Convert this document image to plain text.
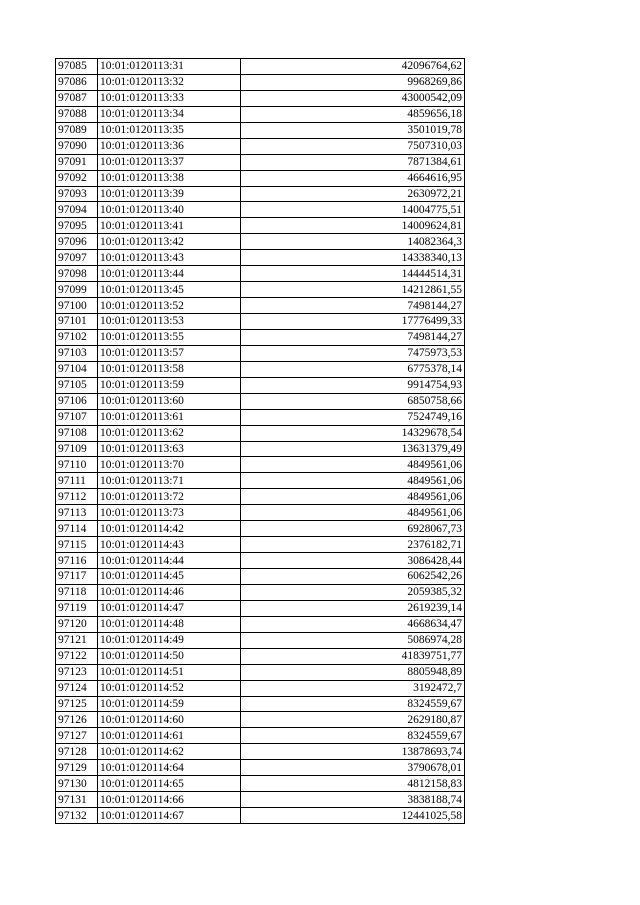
97085	10:01:0120113:31	42096764,62
97086	10:01:0120113:32	9968269,86
97087	10:01:0120113:33	43000542,09
97088	10:01:0120113:34	4859656,18
97089	10:01:0120113:35	3501019,78
97090	10:01:0120113:36	7507310,03
97091	10:01:0120113:37	7871384,61
97092	10:01:0120113:38	4664616,95
97093	10:01:0120113:39	2630972,21
97094	10:01:0120113:40	14004775,51
97095	10:01:0120113:41	14009624,81
97096	10:01:0120113:42	14082364,3
97097	10:01:0120113:43	14338340,13
97098	10:01:0120113:44	14444514,31
97099	10:01:0120113:45	14212861,55
97100	10:01:0120113:52	7498144,27
97101	10:01:0120113:53	17776499,33
97102	10:01:0120113:55	7498144,27
97103	10:01:0120113:57	7475973,53
97104	10:01:0120113:58	6775378,14
97105	10:01:0120113:59	9914754,93
97106	10:01:0120113:60	6850758,66
97107	10:01:0120113:61	7524749,16
97108	10:01:0120113:62	14329678,54
97109	10:01:0120113:63	13631379,49
97110	10:01:0120113:70	4849561,06
97111	10:01:0120113:71	4849561,06
97112	10:01:0120113:72	4849561,06
97113	10:01:0120113:73	4849561,06
97114	10:01:0120114:42	6928067,73
97115	10:01:0120114:43	2376182,71
97116	10:01:0120114:44	3086428,44
97117	10:01:0120114:45	6062542,26
97118	10:01:0120114:46	2059385,32
97119	10:01:0120114:47	2619239,14
97120	10:01:0120114:48	4668634,47
97121	10:01:0120114:49	5086974,28
97122	10:01:0120114:50	41839751,77
97123	10:01:0120114:51	8805948,89
97124	10:01:0120114:52	3192472,7
97125	10:01:0120114:59	8324559,67
97126	10:01:0120114:60	2629180,87
97127	10:01:0120114:61	8324559,67
97128	10:01:0120114:62	13878693,74
97129	10:01:0120114:64	3790678,01
97130	10:01:0120114:65	4812158,83
97131	10:01:0120114:66	3838188,74
97132	10:01:0120114:67	12441025,58
